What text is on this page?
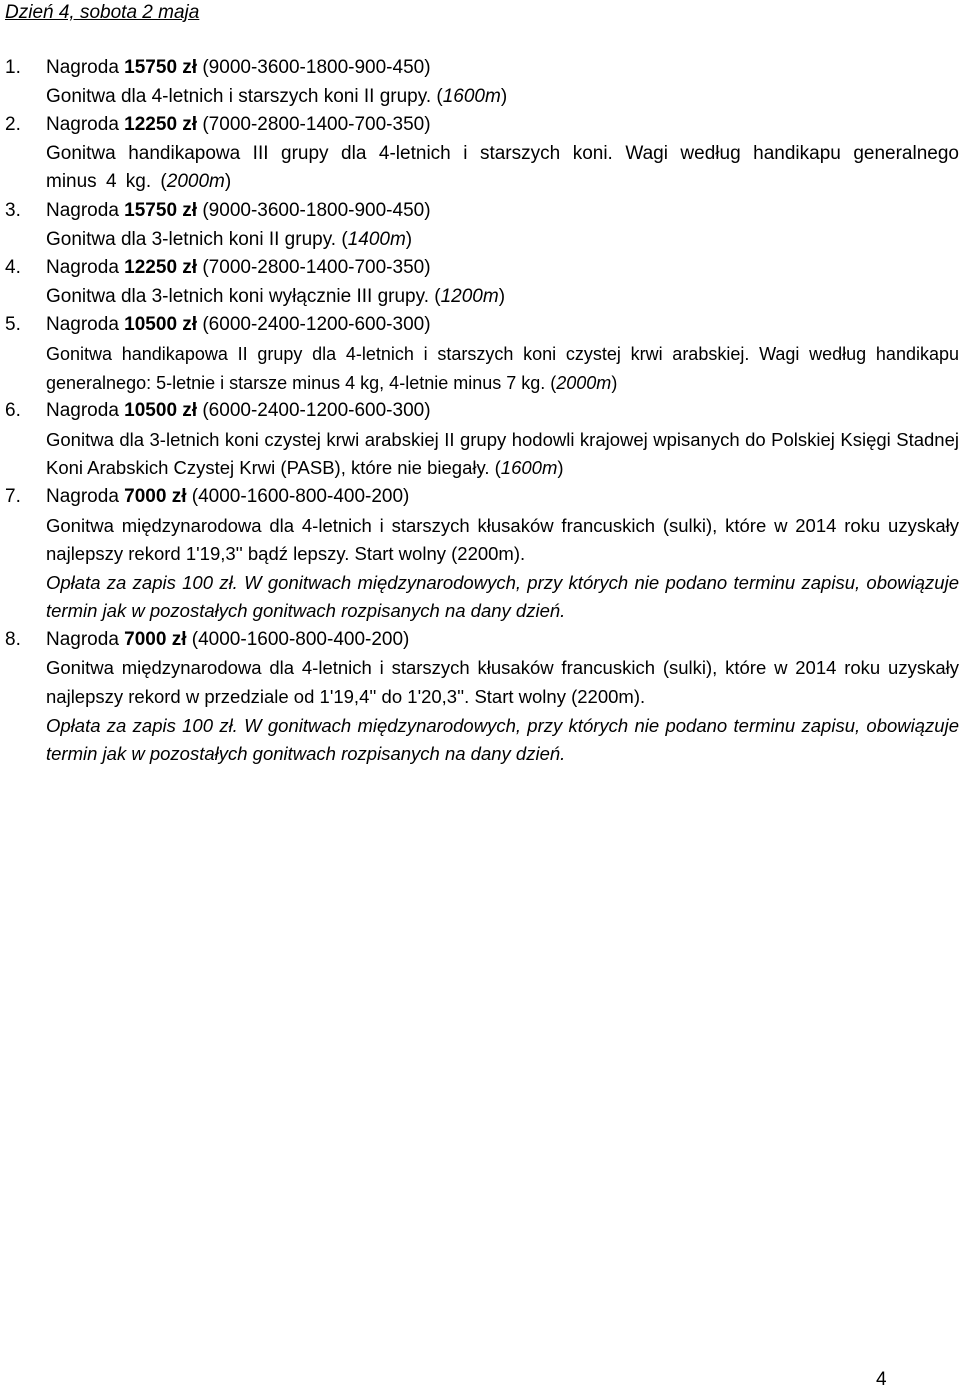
Dzień 4, sobota 2 maja
1. Nagroda 15750 zł (9000-3600-1800-900-450)
Gonitwa dla 4-letnich i starszych koni II grupy. (1600m)
2. Nagroda 12250 zł (7000-2800-1400-700-350)
Gonitwa handikapowa III grupy dla 4-letnich i starszych koni. Wagi według handikapu generalnego minus 4 kg. (2000m)
3. Nagroda 15750 zł (9000-3600-1800-900-450)
Gonitwa dla 3-letnich koni II grupy. (1400m)
4. Nagroda 12250 zł (7000-2800-1400-700-350)
Gonitwa dla 3-letnich koni wyłącznie III grupy. (1200m)
5. Nagroda 10500 zł (6000-2400-1200-600-300)
Gonitwa handikapowa II grupy dla 4-letnich i starszych koni czystej krwi arabskiej. Wagi według handikapu generalnego: 5-letnie i starsze minus 4 kg, 4-letnie minus 7 kg. (2000m)
6. Nagroda 10500 zł (6000-2400-1200-600-300)
Gonitwa dla 3-letnich koni czystej krwi arabskiej II grupy hodowli krajowej wpisanych do Polskiej Księgi Stadnej Koni Arabskich Czystej Krwi (PASB), które nie biegały. (1600m)
7. Nagroda 7000 zł (4000-1600-800-400-200)
Gonitwa międzynarodowa dla 4-letnich i starszych kłusaków francuskich (sulki), które w 2014 roku uzyskały najlepszy rekord 1'19,3'' bądź lepszy. Start wolny (2200m).
Opłata za zapis 100 zł. W gonitwach międzynarodowych, przy których nie podano terminu zapisu, obowiązuje termin jak w pozostałych gonitwach rozpisanych na dany dzień.
8. Nagroda 7000 zł (4000-1600-800-400-200)
Gonitwa międzynarodowa dla 4-letnich i starszych kłusaków francuskich (sulki), które w 2014 roku uzyskały najlepszy rekord w przedziale od 1'19,4'' do 1'20,3''. Start wolny (2200m).
Opłata za zapis 100 zł. W gonitwach międzynarodowych, przy których nie podano terminu zapisu, obowiązuje termin jak w pozostałych gonitwach rozpisanych na dany dzień.
4
